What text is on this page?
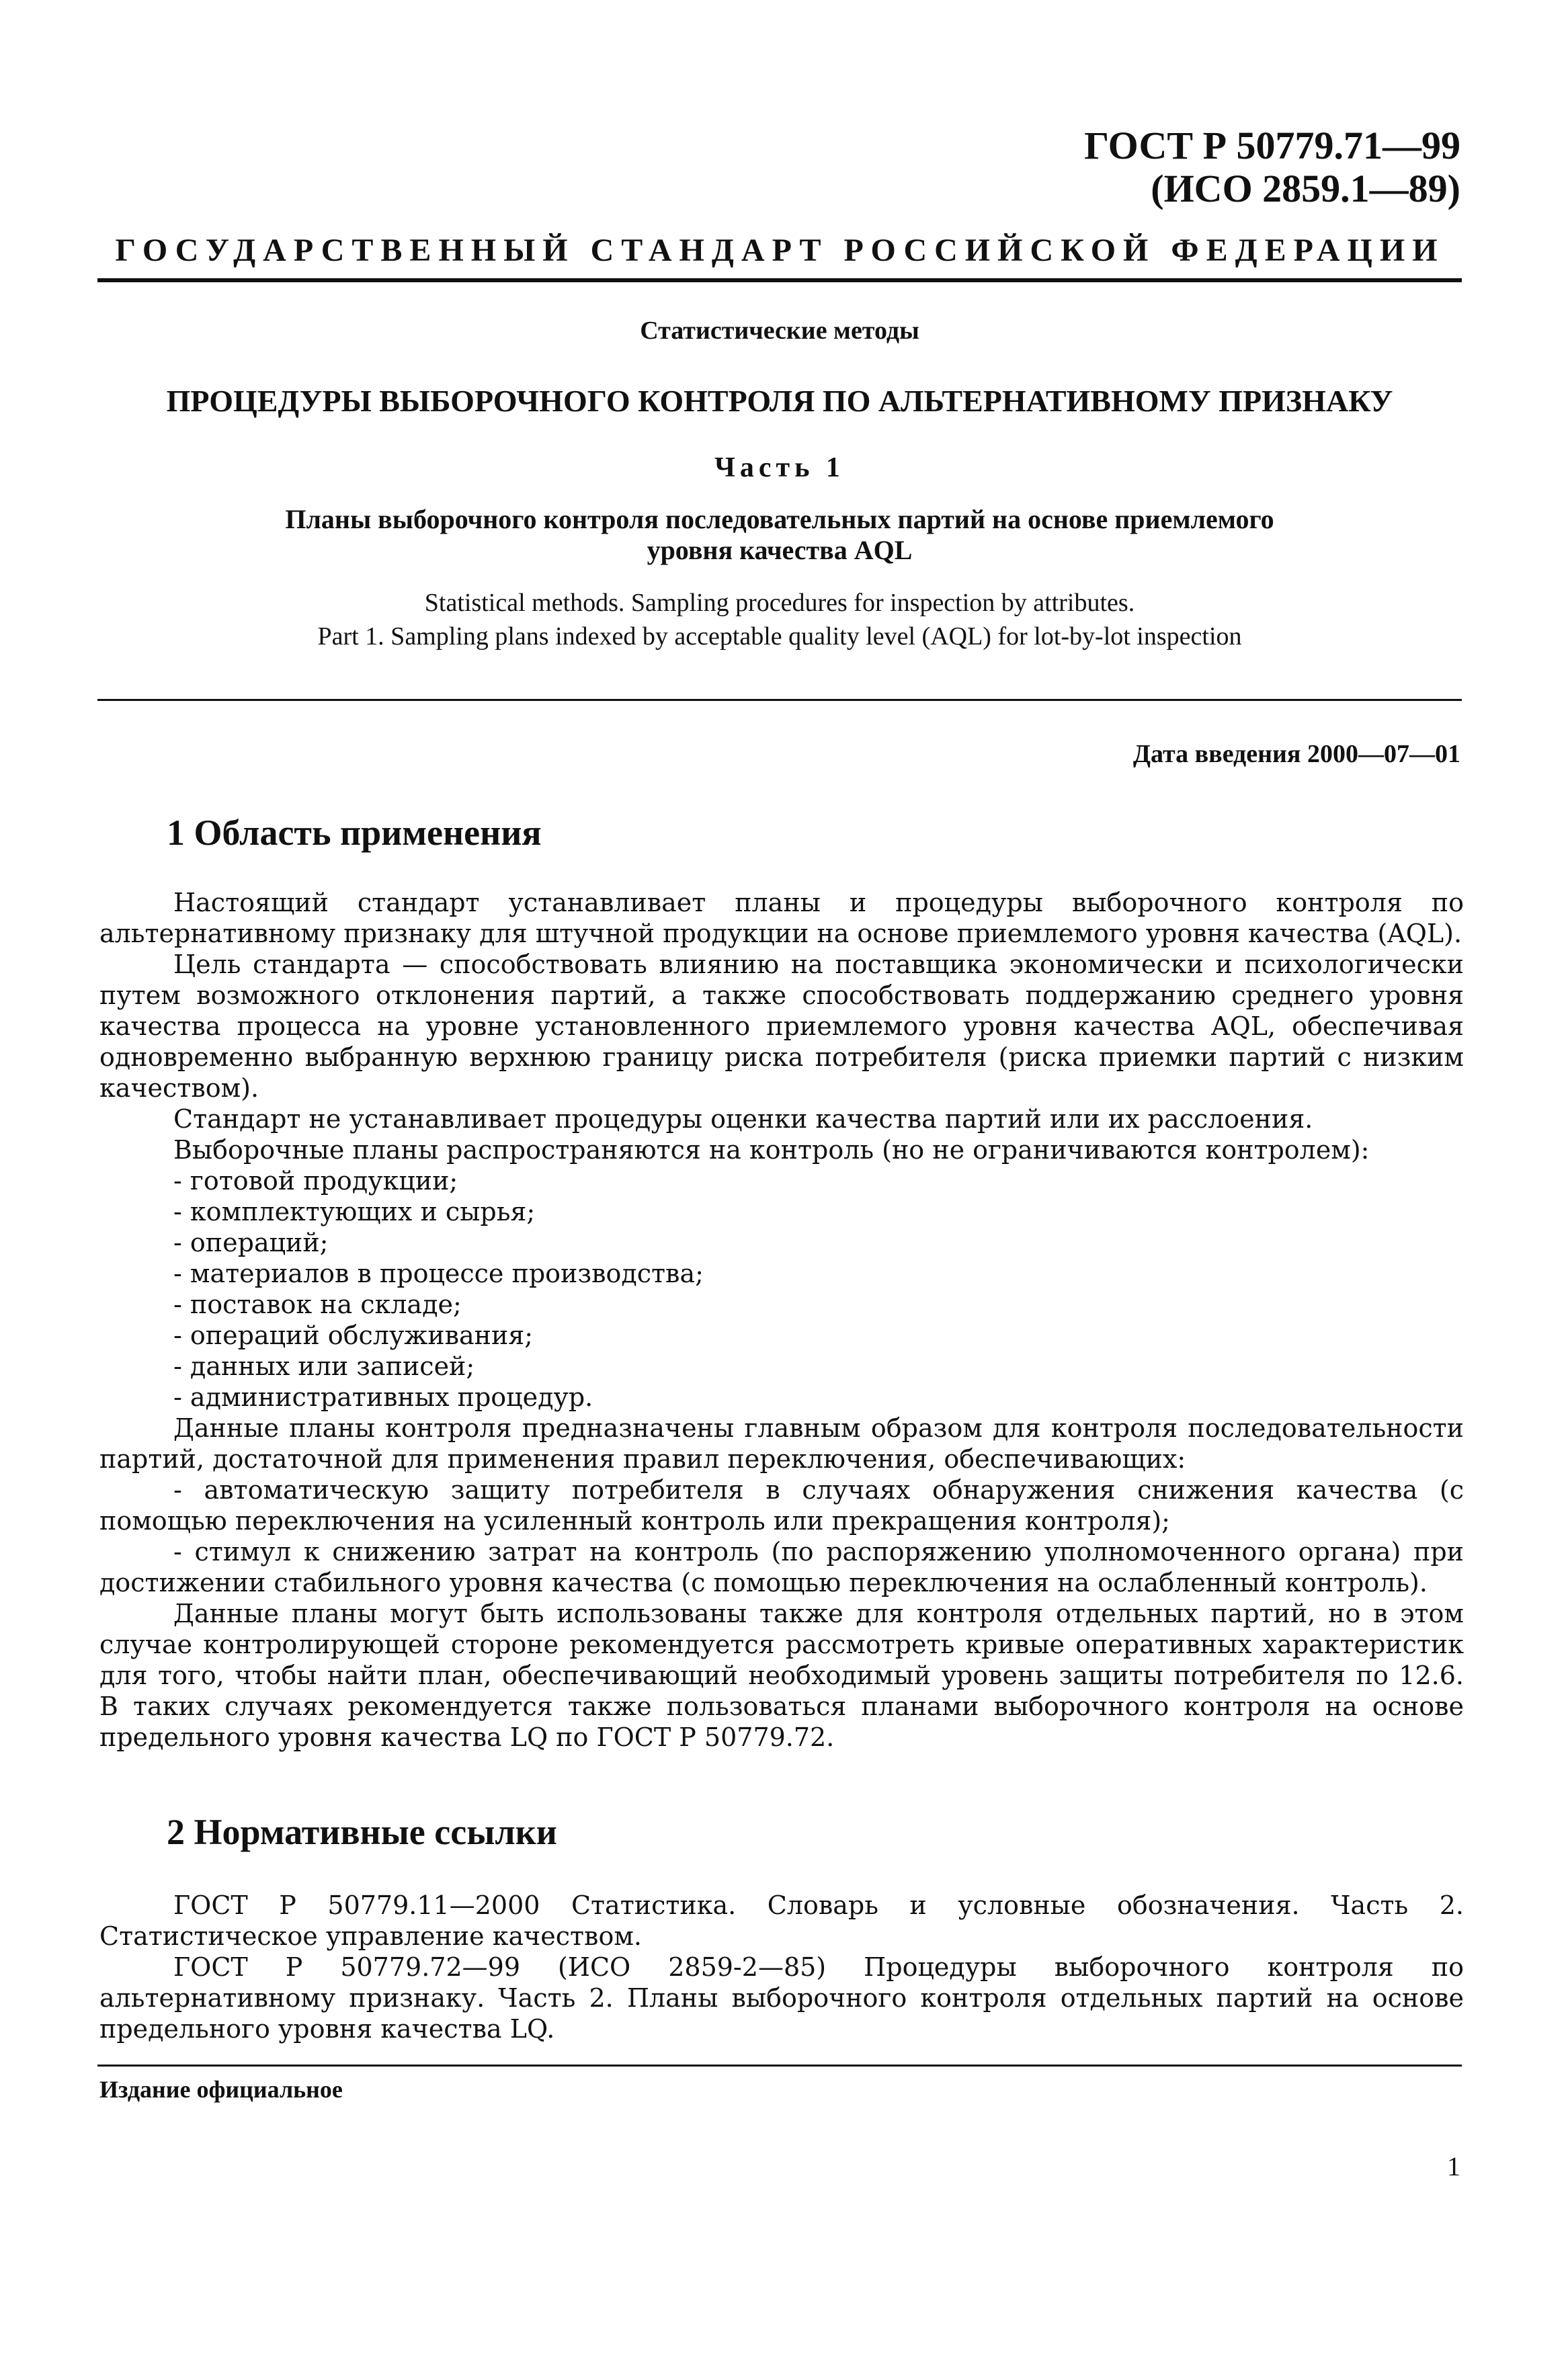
ГОСТ Р 50779.71—99
(ИСО 2859.1—89)
ГОСУДАРСТВЕННЫЙ СТАНДАРТ РОССИЙСКОЙ ФЕДЕРАЦИИ
Статистические методы
ПРОЦЕДУРЫ ВЫБОРОЧНОГО КОНТРОЛЯ ПО АЛЬТЕРНАТИВНОМУ ПРИЗНАКУ
Часть 1
Планы выборочного контроля последовательных партий на основе приемлемого
уровня качества AQL
Statistical methods. Sampling procedures for inspection by attributes.
Part 1. Sampling plans indexed by acceptable quality level (AQL) for lot-by-lot inspection
Дата введения 2000—07—01
1 Область применения

Настоящий стандарт устанавливает планы и процедуры выборочного контроля по альтернативному признаку для штучной продукции на основе приемлемого уровня качества (AQL).

Цель стандарта — способствовать влиянию на поставщика экономически и психологически путем возможного отклонения партий, а также способствовать поддержанию среднего уровня качества процесса на уровне установленного приемлемого уровня качества AQL, обеспечивая одновременно выбранную верхнюю границу риска потребителя (риска приемки партий с низким качеством).

Стандарт не устанавливает процедуры оценки качества партий или их расслоения.

Выборочные планы распространяются на контроль (но не ограничиваются контролем):

- готовой продукции;

- комплектующих и сырья;

- операций;

- материалов в процессе производства;

- поставок на складе;

- операций обслуживания;

- данных или записей;

- административных процедур.

Данные планы контроля предназначены главным образом для контроля последовательности партий, достаточной для применения правил переключения, обеспечивающих:

- автоматическую защиту потребителя в случаях обнаружения снижения качества (с помощью переключения на усиленный контроль или прекращения контроля);

- стимул к снижению затрат на контроль (по распоряжению уполномоченного органа) при достижении стабильного уровня качества (с помощью переключения на ослабленный контроль).

Данные планы могут быть использованы также для контроля отдельных партий, но в этом случае контролирующей стороне рекомендуется рассмотреть кривые оперативных характеристик для того, чтобы найти план, обеспечивающий необходимый уровень защиты потребителя по 12.6. В таких случаях рекомендуется также пользоваться планами выборочного контроля на основе предельного уровня качества LQ по ГОСТ Р 50779.72.

2 Нормативные ссылки

ГОСТ Р 50779.11—2000 Статистика. Словарь и условные обозначения. Часть 2. Статистическое управление качеством.

ГОСТ Р 50779.72—99 (ИСО 2859-2—85) Процедуры выборочного контроля по альтернативному признаку. Часть 2. Планы выборочного контроля отдельных партий на основе предельного уровня качества LQ.

Издание официальное
1
